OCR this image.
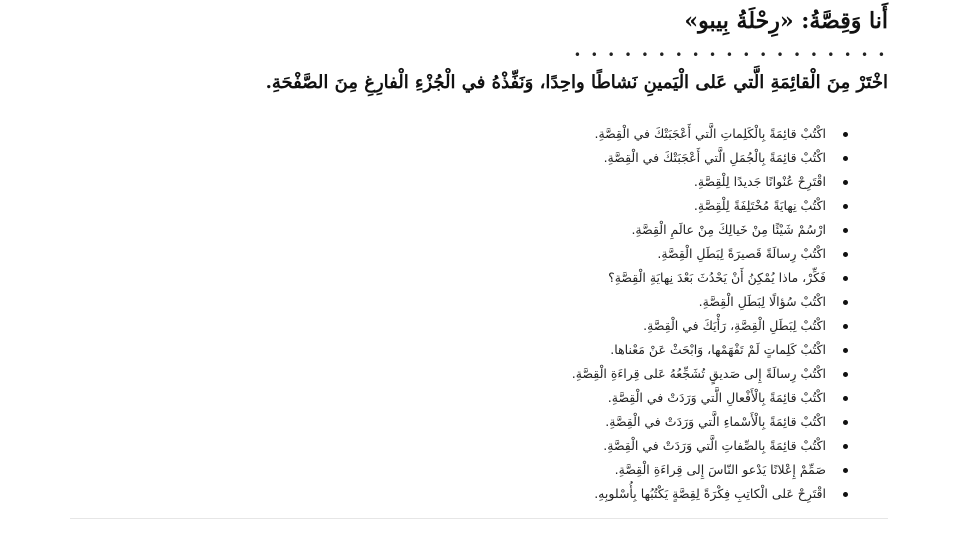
أَنا وَقِصَّةُ: «رِحْلَةُ بِيبو»
• • • • • • • • • • • • • • • • • • •
اخْتَرْ مِنَ الْقائِمَةِ الَّتي عَلى الْيَمينِ نَشاطًا واحِدًا، وَنَفِّذْهُ في الْجُزْءِ الْفارِغِ مِنَ الصَّفْحَةِ.
اكْتُبْ قائِمَةً بِالْكَلِماتِ الَّتي أَعْجَبَتْكَ في الْقِصَّةِ.
اكْتُبْ قائِمَةً بِالْجُمَلِ الَّتي أَعْجَبَتْكَ في الْقِصَّةِ.
اقْتَرِحْ عُنْوانًا جَديدًا لِلْقِصَّةِ.
اكْتُبْ نِهايَةً مُخْتَلِفَةً لِلْقِصَّةِ.
ارْسُمْ شَيْئًا مِنْ خَيالِكَ مِنْ عالَمِ الْقِصَّةِ.
اكْتُبْ رِسالَةً قَصيرَةً لِبَطَلِ الْقِصَّةِ.
فَكِّرْ، ماذا يُمْكِنُ أَنْ يَحْدُثَ بَعْدَ نِهايَةِ الْقِصَّةِ؟
اكْتُبْ سُؤالًا لِبَطَلِ الْقِصَّةِ.
اكْتُبْ لِبَطَلِ الْقِصَّةِ، رَأْيَكَ في الْقِصَّةِ.
اكْتُبْ كَلِماتٍ لَمْ تَفْهَمْها، وَابْحَثْ عَنْ مَعْناها.
اكْتُبْ رِسالَةً إِلى صَديقٍ تُشَجِّعُهُ عَلى قِراءَةِ الْقِصَّةِ.
اكْتُبْ قائِمَةً بِالْأَفْعالِ الَّتي وَرَدَتْ في الْقِصَّةِ.
اكْتُبْ قائِمَةً بِالْأَسْماءِ الَّتي وَرَدَتْ في الْقِصَّةِ.
اكْتُبْ قائِمَةً بِالصِّفاتِ الَّتي وَرَدَتْ في الْقِصَّةِ.
صَمِّمْ إِعْلانًا يَدْعو النّاسَ إِلى قِراءَةِ الْقِصَّةِ.
اقْتَرِحْ عَلى الْكاتِبِ فِكْرَةً لِقِصَّةٍ يَكْتُبُها بِأُسْلوبِهِ.
